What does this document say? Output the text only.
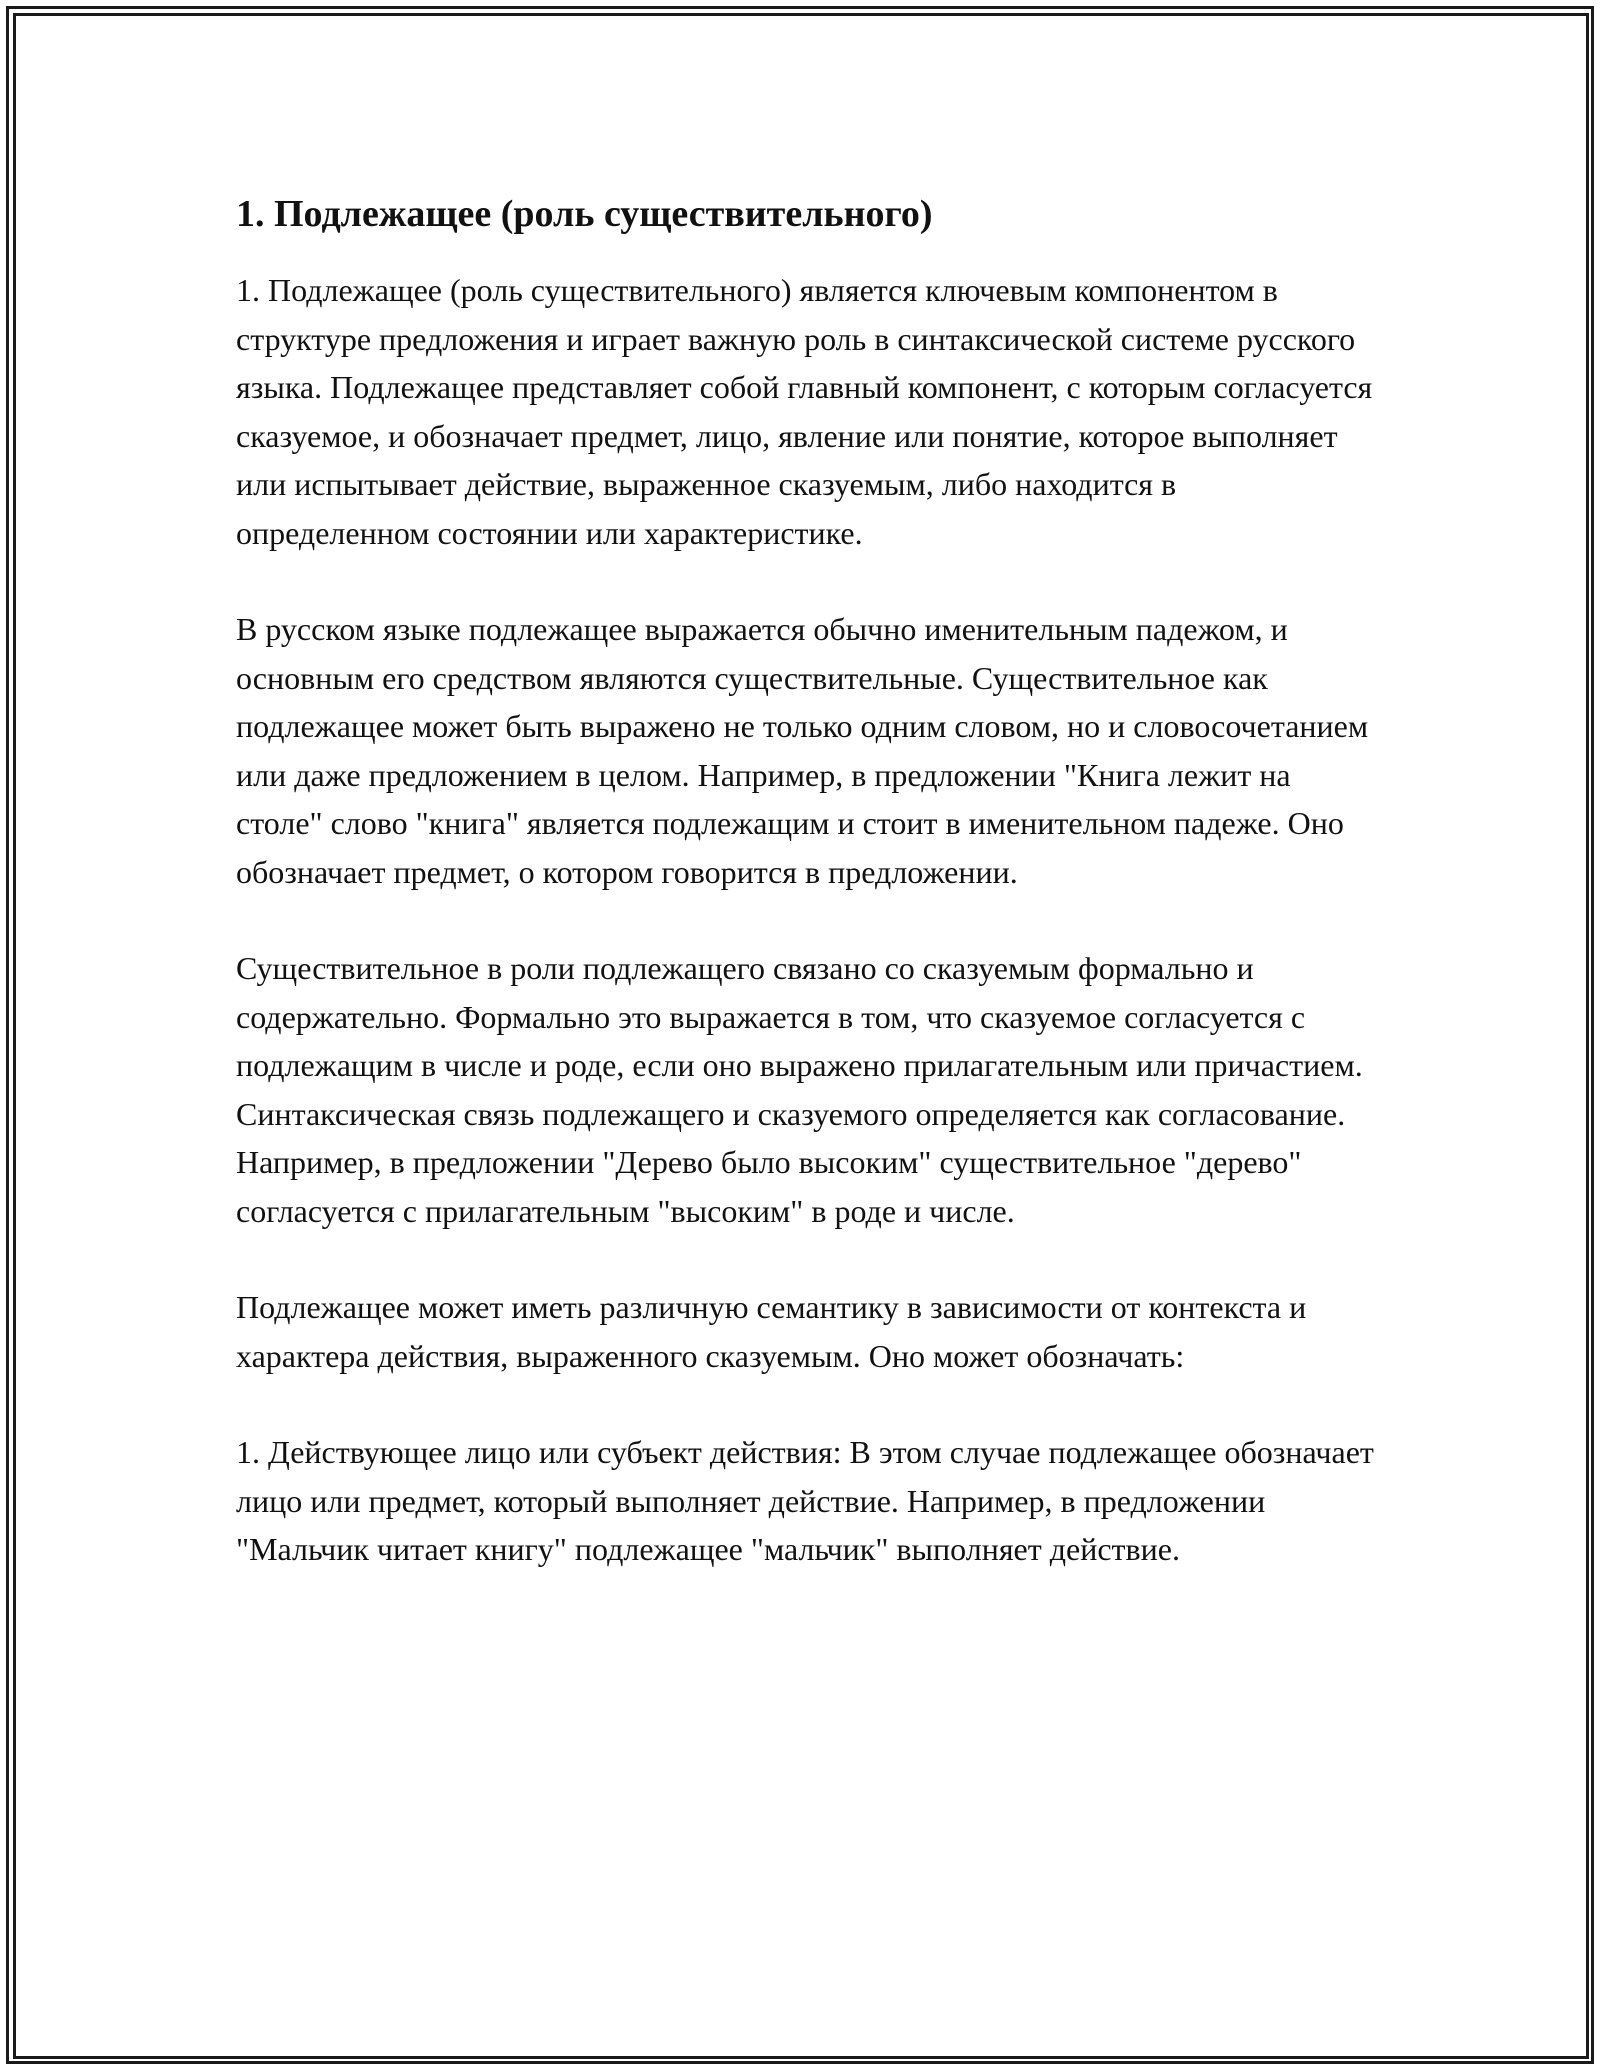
1. Подлежащее (роль существительного)

1. Подлежащее (роль существительного) является ключевым компонентом в структуре предложения и играет важную роль в синтаксической системе русского языка. Подлежащее представляет собой главный компонент, с которым согласуется сказуемое, и обозначает предмет, лицо, явление или понятие, которое выполняет или испытывает действие, выраженное сказуемым, либо находится в определенном состоянии или характеристике.

В русском языке подлежащее выражается обычно именительным падежом, и основным его средством являются существительные. Существительное как подлежащее может быть выражено не только одним словом, но и словосочетанием или даже предложением в целом. Например, в предложении "Книга лежит на столе" слово "книга" является подлежащим и стоит в именительном падеже. Оно обозначает предмет, о котором говорится в предложении.

Существительное в роли подлежащего связано со сказуемым формально и содержательно. Формально это выражается в том, что сказуемое согласуется с подлежащим в числе и роде, если оно выражено прилагательным или причастием. Синтаксическая связь подлежащего и сказуемого определяется как согласование. Например, в предложении "Дерево было высоким" существительное "дерево" согласуется с прилагательным "высоким" в роде и числе.

Подлежащее может иметь различную семантику в зависимости от контекста и характера действия, выраженного сказуемым. Оно может обозначать:

1. Действующее лицо или субъект действия: В этом случае подлежащее обозначает лицо или предмет, который выполняет действие. Например, в предложении "Мальчик читает книгу" подлежащее "мальчик" выполняет действие.
